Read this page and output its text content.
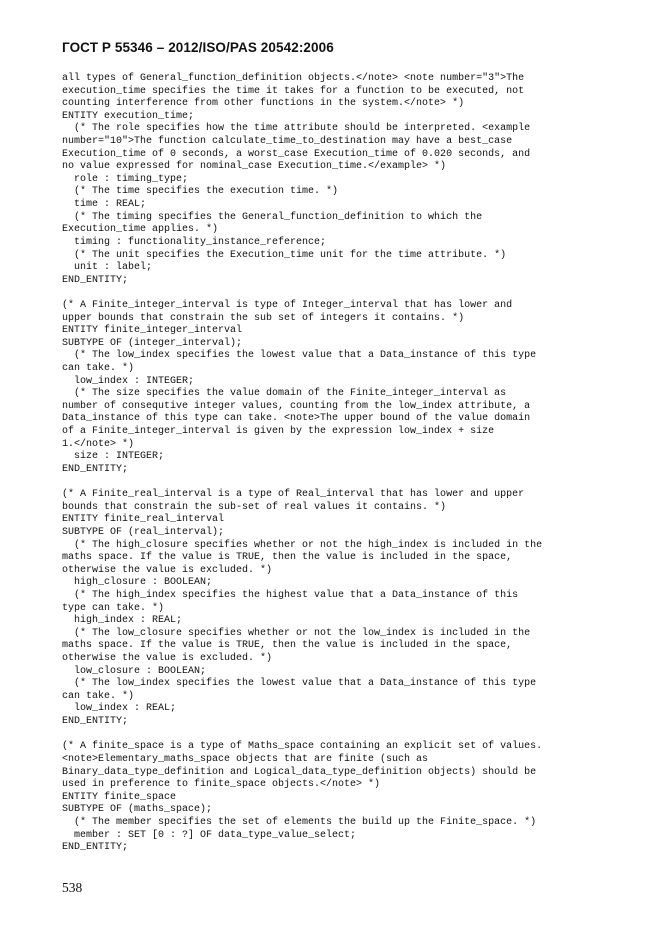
ГОСТ Р 55346 – 2012/ISO/PAS 20542:2006
all types of General_function_definition objects.</note> <note number="3">The
execution_time specifies the time it takes for a function to be executed, not
counting interference from other functions in the system.</note> *)
ENTITY execution_time;
(* The role specifies how the time attribute should be interpreted. <example
number="10">The function calculate_time_to_destination may have a best_case
Execution_time of 0 seconds, a worst_case Execution_time of 0.020 seconds, and
no value expressed for nominal_case Execution_time.</example> *)
role : timing_type;
(* The time specifies the execution time. *)
time : REAL;
(* The timing specifies the General_function_definition to which the
Execution_time applies. *)
timing : functionality_instance_reference;
(* The unit specifies the Execution_time unit for the time attribute. *)
unit : label;
END_ENTITY;
(* A Finite_integer_interval is type of Integer_interval that has lower and
upper bounds that constrain the sub set of integers it contains. *)
ENTITY finite_integer_interval
SUBTYPE OF (integer_interval);
(* The low_index specifies the lowest value that a Data_instance of this type
can take. *)
low_index : INTEGER;
(* The size specifies the value domain of the Finite_integer_interval as
number of consequtive integer values, counting from the low_index attribute, a
Data_instance of this type can take. <note>The upper bound of the value domain
of a Finite_integer_interval is given by the expression low_index + size
1.</note> *)
size : INTEGER;
END_ENTITY;
(* A Finite_real_interval is a type of Real_interval that has lower and upper
bounds that constrain the sub-set of real values it contains. *)
ENTITY finite_real_interval
SUBTYPE OF (real_interval);
(* The high_closure specifies whether or not the high_index is included in the
maths space. If the value is TRUE, then the value is included in the space,
otherwise the value is excluded. *)
high_closure : BOOLEAN;
(* The high_index specifies the highest value that a Data_instance of this
type can take. *)
high_index : REAL;
(* The low_closure specifies whether or not the low_index is included in the
maths space. If the value is TRUE, then the value is included in the space,
otherwise the value is excluded. *)
low_closure : BOOLEAN;
(* The low_index specifies the lowest value that a Data_instance of this type
can take. *)
low_index : REAL;
END_ENTITY;
(* A finite_space is a type of Maths_space containing an explicit set of values.
<note>Elementary_maths_space objects that are finite (such as
Binary_data_type_definition and Logical_data_type_definition objects) should be
used in preference to finite_space objects.</note> *)
ENTITY finite_space
SUBTYPE OF (maths_space);
(* The member specifies the set of elements the build up the Finite_space. *)
member : SET [0 : ?] OF data_type_value_select;
END_ENTITY;
538
